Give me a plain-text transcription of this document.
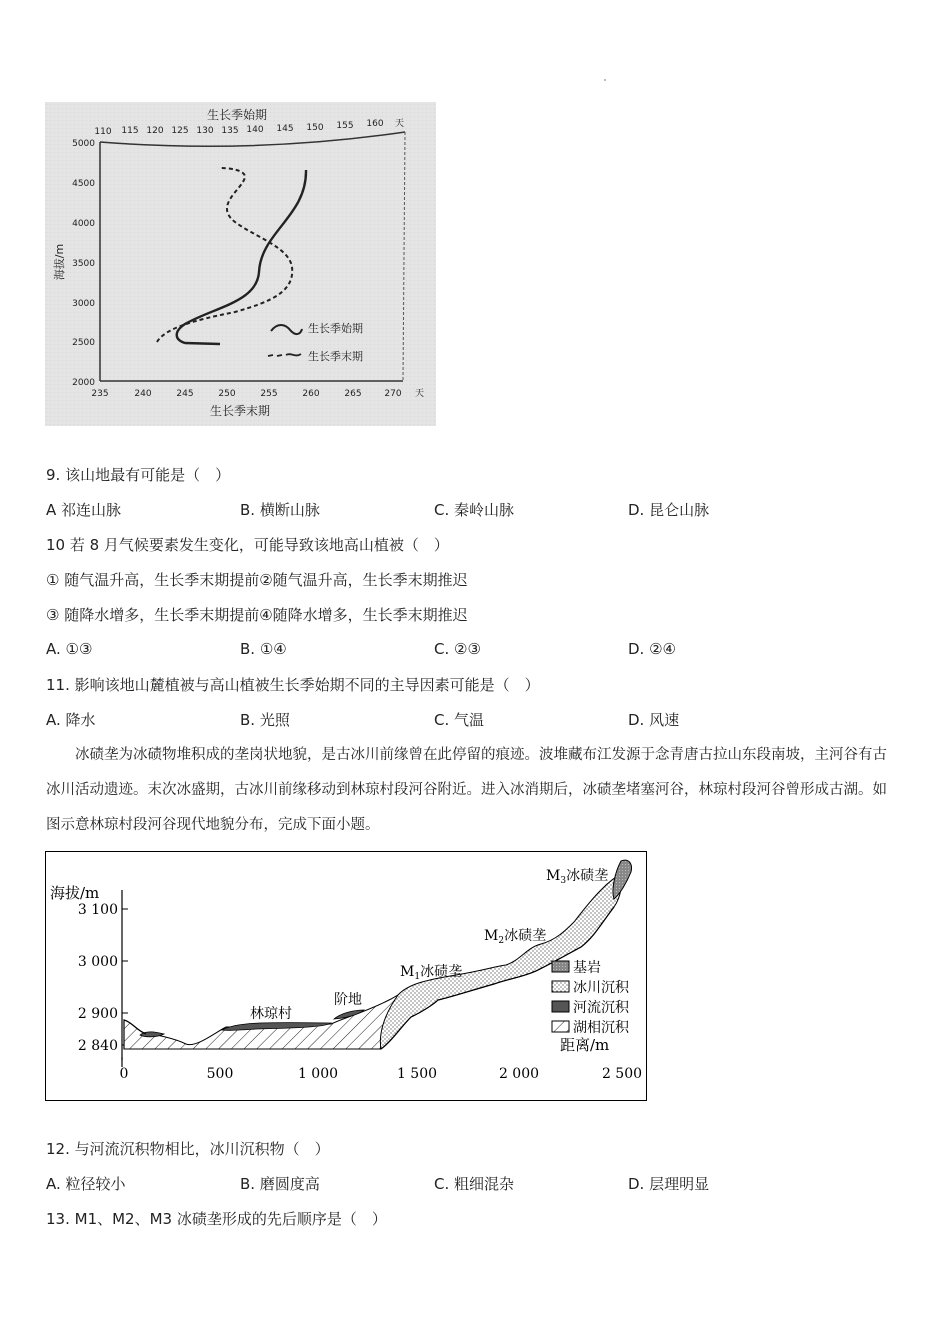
生长季始期
110 115 120 125 130 135 140 145 150 155 160 天
5000
4500
4000
3500
3000
2500
2000
海拔/m
235	240	245	250	255	260	265	270 天
生长季末期
生长季始期
生长季末期
9. 该山地最有可能是（　）
A 祁连山脉	B. 横断山脉	C. 秦岭山脉	D. 昆仑山脉
10 若 8 月气候要素发生变化，可能导致该地高山植被（　）
① 随气温升高，生长季末期提前②随气温升高，生长季末期推迟
③ 随降水增多，生长季末期提前④随降水增多，生长季末期推迟
A. ①③	B. ①④	C. ②③	D. ②④
11. 影响该地山麓植被与高山植被生长季始期不同的主导因素可能是（　）
A. 降水	B. 光照	C. 气温	D. 风速
冰碛垄为冰碛物堆积成的垄岗状地貌，是古冰川前缘曾在此停留的痕迹。波堆藏布江发源于念青唐古拉山东段南坡，主河谷有古冰川活动遗迹。末次冰盛期，古冰川前缘移动到林琼村段河谷附近。进入冰消期后，冰碛垄堵塞河谷，林琼村段河谷曾形成古湖。如图示意林琼村段河谷现代地貌分布，完成下面小题。
海拔/m
3 100
3 000
2 900
2 840
0	500	1 000	1 500	2 000	2 500
距离/m
林琼村
阶地
$M_1$冰碛垄
$M_2$冰碛垄
$M_3$冰碛垄
基岩
冰川沉积
河流沉积
湖相沉积
12. 与河流沉积物相比，冰川沉积物（　）
A. 粒径较小	B. 磨圆度高	C. 粗细混杂	D. 层理明显
13. M1、M2、M3 冰碛垄形成的先后顺序是（　）
